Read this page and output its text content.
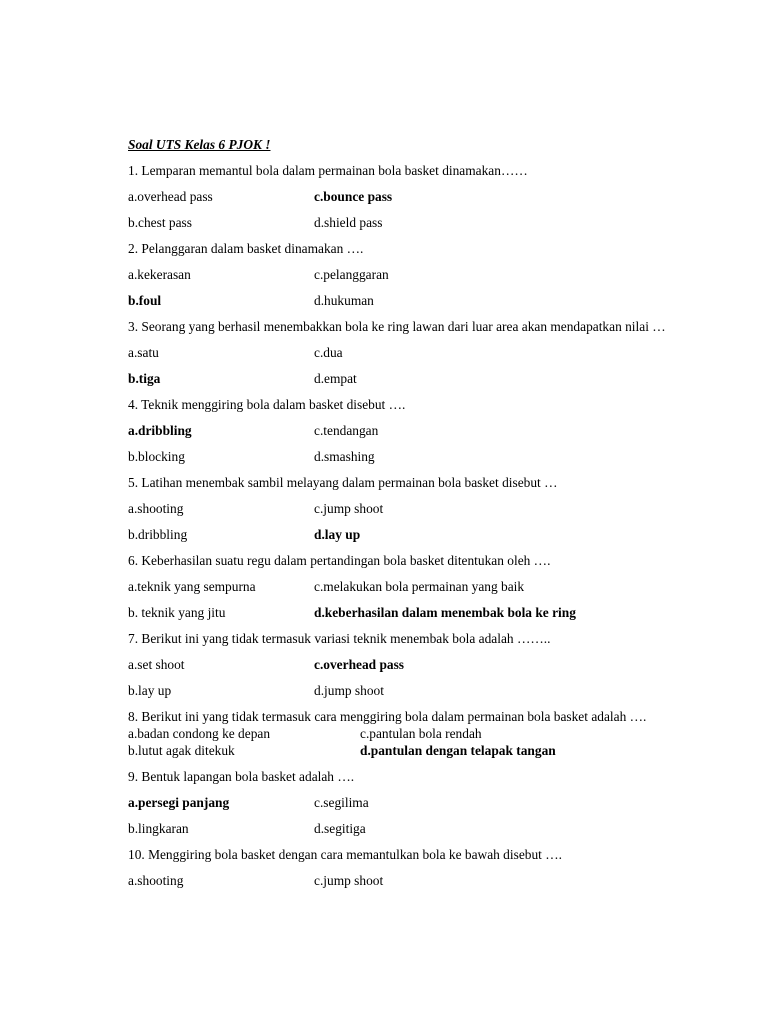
Soal UTS Kelas 6 PJOK !
1. Lemparan memantul bola dalam permainan bola basket dinamakan……
a.overhead pass	c.bounce pass
b.chest pass	d.shield pass
2. Pelanggaran dalam basket dinamakan ….
a.kekerasan	c.pelanggaran
b.foul	d.hukuman
3. Seorang yang berhasil menembakkan bola ke ring lawan dari luar area akan mendapatkan nilai …
a.satu	c.dua
b.tiga	d.empat
4. Teknik menggiring bola dalam basket disebut ….
a.dribbling	c.tendangan
b.blocking	d.smashing
5. Latihan menembak sambil melayang dalam permainan bola basket disebut …
a.shooting	c.jump shoot
b.dribbling	d.lay up
6. Keberhasilan suatu regu dalam pertandingan bola basket ditentukan oleh ….
a.teknik yang sempurna	c.melakukan bola permainan yang baik
b. teknik yang jitu	d.keberhasilan dalam menembak bola ke ring
7. Berikut ini yang tidak termasuk variasi teknik menembak bola adalah ……..
a.set shoot	c.overhead pass
b.lay up	d.jump shoot
8. Berikut ini yang tidak termasuk cara menggiring bola dalam permainan bola basket adalah ….
a.badan condong ke depan	c.pantulan bola rendah
b.lutut agak ditekuk	d.pantulan dengan telapak tangan
9. Bentuk lapangan bola basket adalah ….
a.persegi panjang	c.segilima
b.lingkaran	d.segitiga
10. Menggiring bola basket dengan cara memantulkan bola ke bawah disebut ….
a.shooting	c.jump shoot
